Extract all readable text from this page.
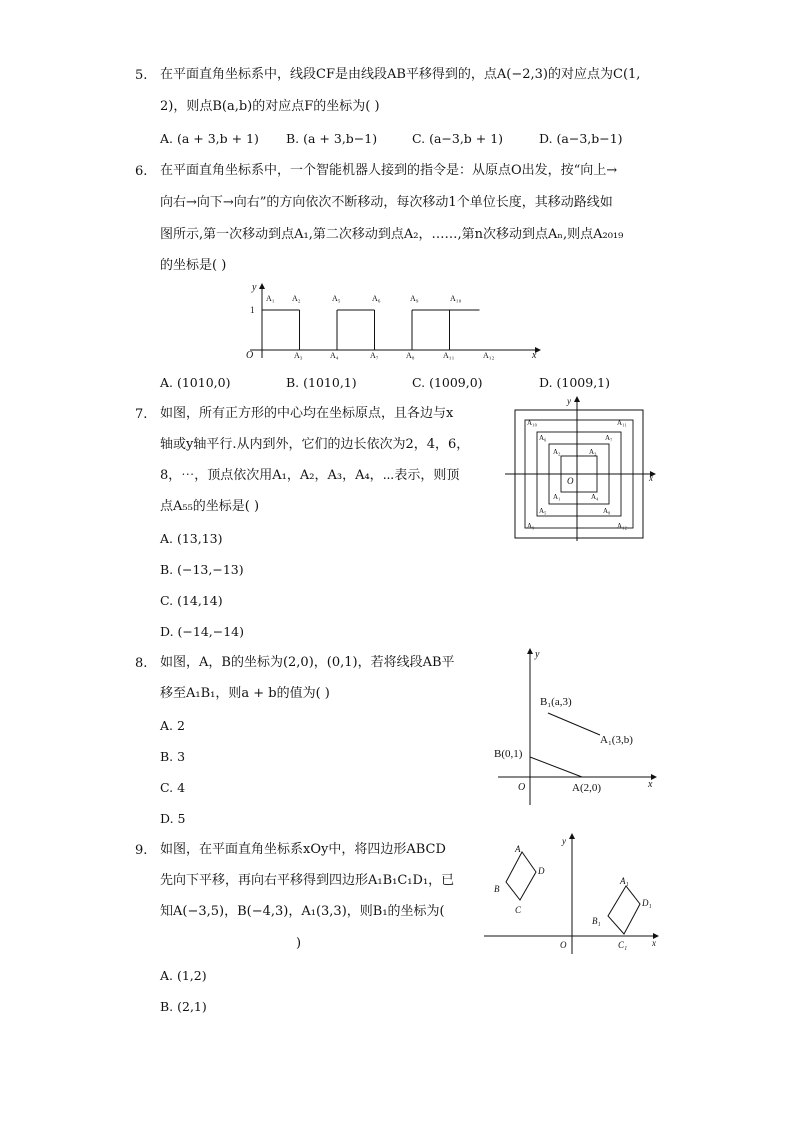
5. 在平面直角坐标系中，线段CF是由线段AB平移得到的，点A(−2,3)的对应点为C(1,
2)，则点B(a,b)的对应点F的坐标为( )
A. (a + 3,b + 1) B. (a + 3,b−1)	C. (a−3,b + 1)	D. (a−3,b−1)
6. 在平面直角坐标系中，一个智能机器人接到的指令是：从原点O出发，按“向上→
向右→向下→向右”的方向依次不断移动，每次移动1个单位长度，其移动路线如
图所示,第一次移动到点A₁,第二次移动到点A₂，……,第n次移动到点Aₙ,则点A₂₀₁₉
的坐标是( )
y
x
O
1
A₁ A₂	A₅	A₆	A₉	A₁₀
A₃	A₄	A₇	A₈	A₁₁	A₁₂
A. (1010,0)	B. (1010,1)	C. (1009,0)	D. (1009,1)
7. 如图，所有正方形的中心均在坐标原点，且各边与x
轴或y轴平行.从内到外，它们的边长依次为2，4，6，
8，⋯，顶点依次用A₁，A₂，A₃，A₄，⋯表示，则顶
点A₅₅的坐标是( )
y
x
O
A₁₀	A₁₁
A₆	A₇
A₂	A₃
A₁	A₄
A₅	A₈
A₉	A₁₂
A. (13,13)
B. (−13,−13)
C. (14,14)
D. (−14,−14)
8. 如图，A，B的坐标为(2,0)，(0,1)，若将线段AB平
移至A₁B₁，则a + b的值为( )
y
x
O
B₁(a,3)
A₁(3,b)
B(0,1)
A(2,0)
A. 2
B. 3
C. 4
D. 5
9. 如图，在平面直角坐标系xOy中，将四边形ABCD
先向下平移，再向右平移得到四边形A₁B₁C₁D₁，已
知A(−3,5)，B(−4,3)，A₁(3,3)，则B₁的坐标为(
)
y
x
O
A
B
C
D
A₁
B₁
C₁
D₁
A. (1,2)
B. (2,1)
